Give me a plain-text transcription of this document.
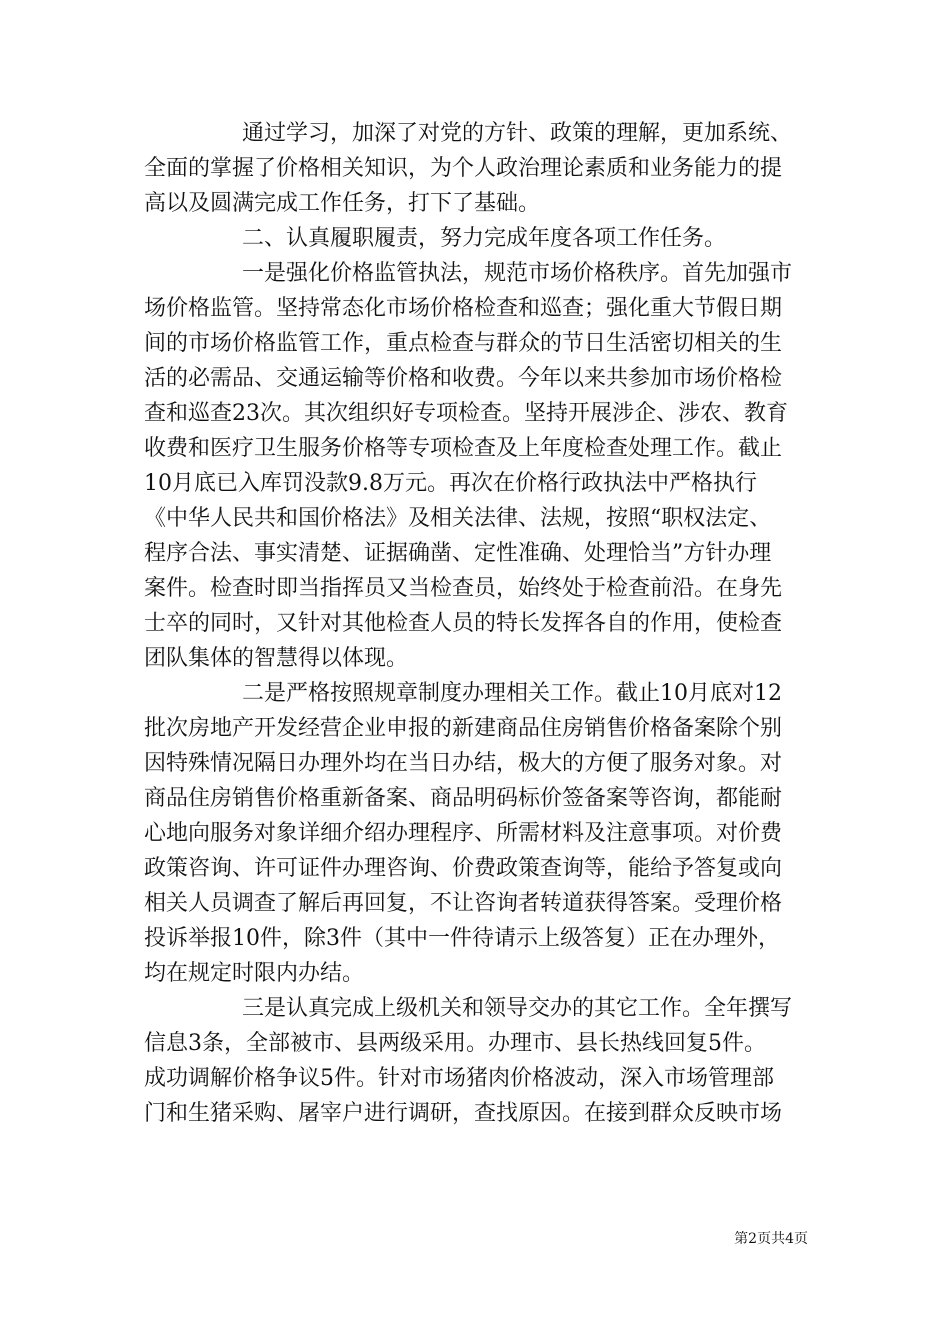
通过学习，加深了对党的方针、政策的理解，更加系统、
全面的掌握了价格相关知识，为个人政治理论素质和业务能力的提
高以及圆满完成工作任务，打下了基础。

二、认真履职履责，努力完成年度各项工作任务。

一是强化价格监管执法，规范市场价格秩序。首先加强市
场价格监管。坚持常态化市场价格检查和巡查；强化重大节假日期
间的市场价格监管工作，重点检查与群众的节日生活密切相关的生
活的必需品、交通运输等价格和收费。今年以来共参加市场价格检
查和巡查23次。其次组织好专项检查。坚持开展涉企、涉农、教育
收费和医疗卫生服务价格等专项检查及上年度检查处理工作。截止
10月底已入库罚没款9.8万元。再次在价格行政执法中严格执行
《中华人民共和国价格法》及相关法律、法规，按照“职权法定、
程序合法、事实清楚、证据确凿、定性准确、处理恰当”方针办理
案件。检查时即当指挥员又当检查员，始终处于检查前沿。在身先
士卒的同时，又针对其他检查人员的特长发挥各自的作用，使检查
团队集体的智慧得以体现。

二是严格按照规章制度办理相关工作。截止10月底对12
批次房地产开发经营企业申报的新建商品住房销售价格备案除个别
因特殊情况隔日办理外均在当日办结，极大的方便了服务对象。对
商品住房销售价格重新备案、商品明码标价签备案等咨询，都能耐
心地向服务对象详细介绍办理程序、所需材料及注意事项。对价费
政策咨询、许可证件办理咨询、价费政策查询等，能给予答复或向
相关人员调查了解后再回复，不让咨询者转道获得答案。受理价格
投诉举报10件，除3件（其中一件待请示上级答复）正在办理外，
均在规定时限内办结。

三是认真完成上级机关和领导交办的其它工作。全年撰写
信息3条，全部被市、县两级采用。办理市、县长热线回复5件。
成功调解价格争议5件。针对市场猪肉价格波动，深入市场管理部
门和生猪采购、屠宰户进行调研，查找原因。在接到群众反映市场

第2页共4页
